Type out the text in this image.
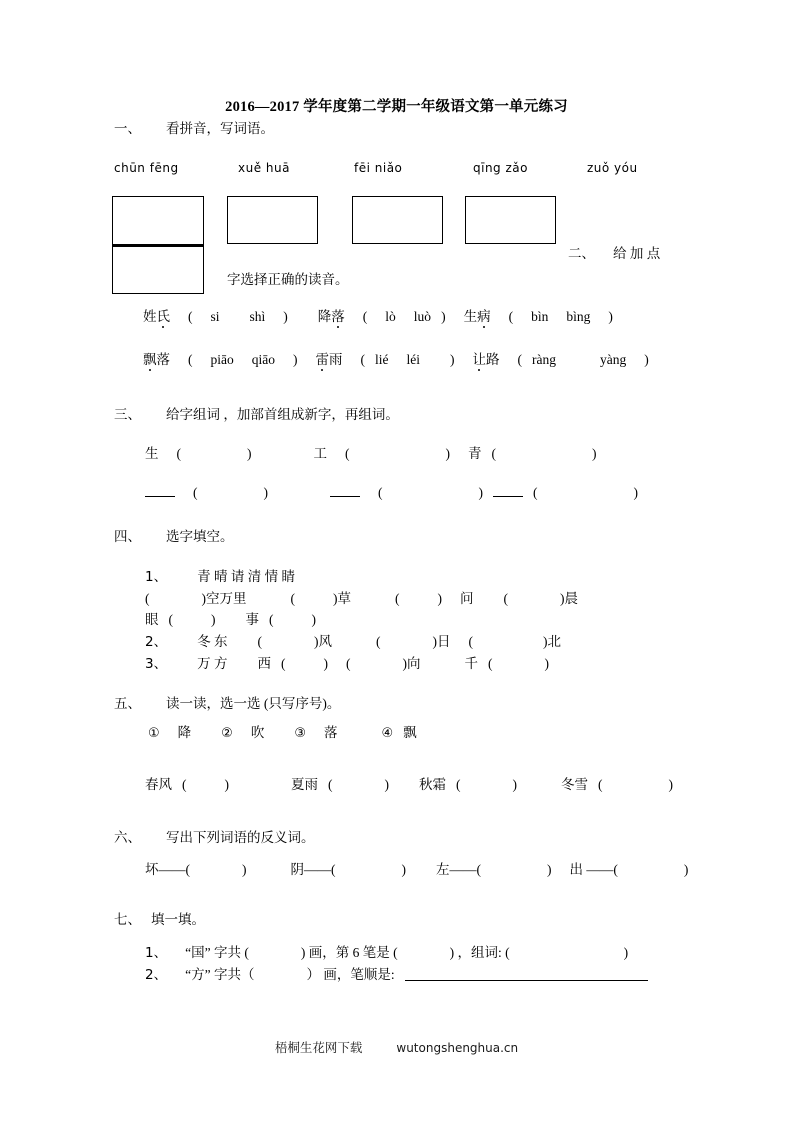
2016—2017 学年度第二学期一年级语文第一单元练习
一、 看拼音，写词语。
chūn fēng	xuě huā	fēi niǎo	qīng zǎo	zuǒ yóu
二、 给 加 点
字选择正确的读音。
姓氏 ( si shì ) 降落 ( lò luò ) 生病 ( bìn bìng )
飘落 ( piāo qiāo ) 雷雨 ( lié léi ) 让路 ( ràng	yàng )
三、 给字组词 ，加部首组成新字，再组词。
生 (	)	工 (	) 青 (	)
(	)	(	)	(	)
四、 选字填空。
1、 青 晴 请 清 情 睛
(	)空万里	(	)草	(	) 问 (	)晨
眼 (	) 事 (	)
2、 冬 东 (	)风	(	)日 (	)北
3、 万 方 西 (	) (	)向	千 (	)
五、 读一读，选一选 (只写序号)。
① 降 ② 吹 ③ 落	④ 飘
春风 (	)	夏雨 (	) 秋霜 (	)	冬雪 (	)
六、 写出下列词语的反义词。
坏——(	)	阴——(	) 左——(	) 出 ——(	)
七、 填一填。
1、 “国” 字共 (	) 画，第 6 笔是 (	) ，组词: (	)
2、 “方” 字共（	） 画，笔顺是:
梧桐生花网下载	wutongshenghua.cn
